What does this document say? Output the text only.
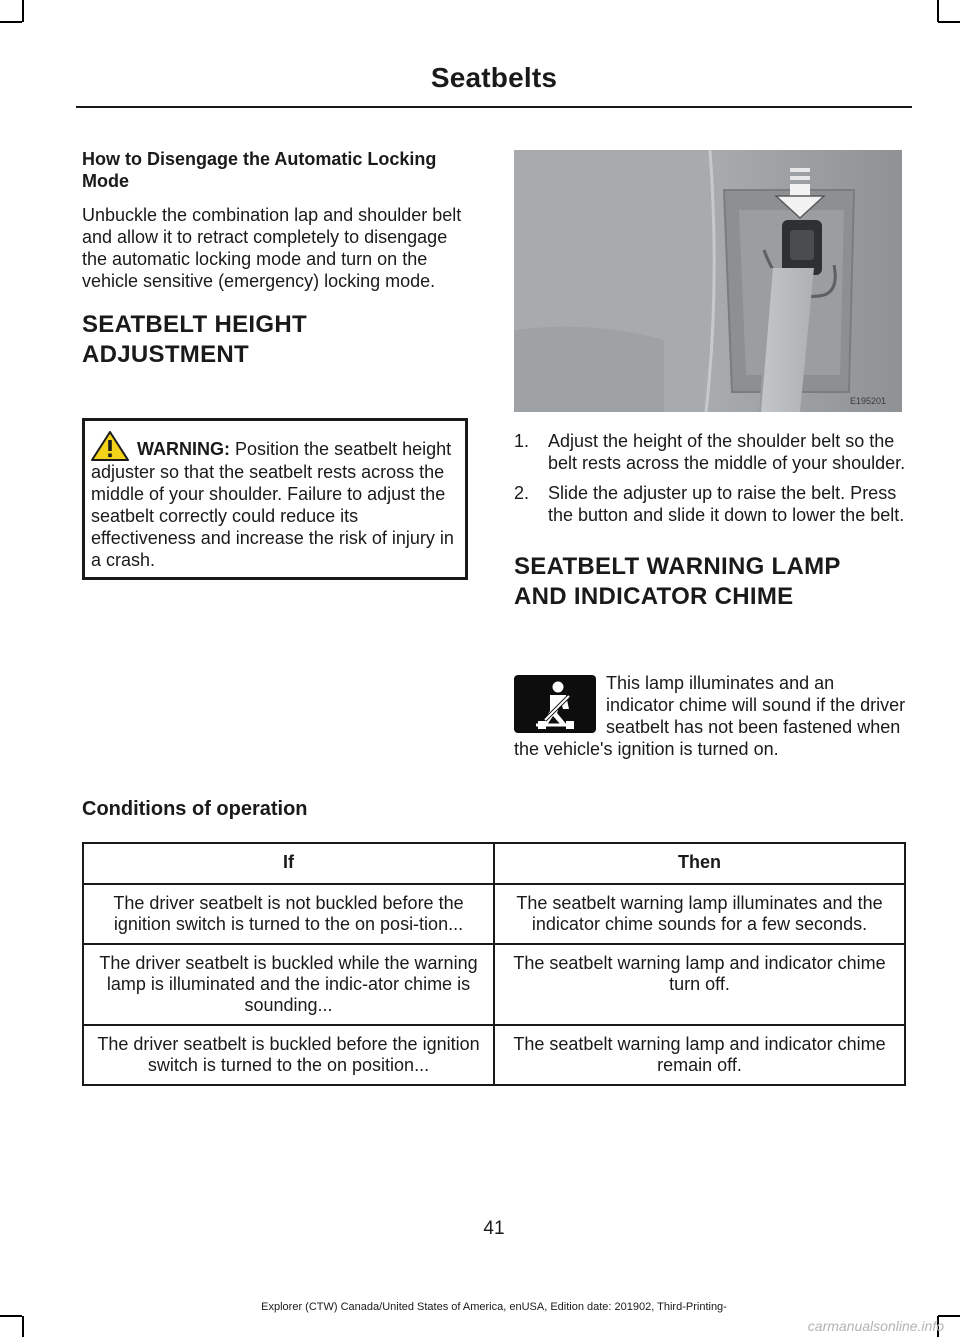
Seatbelts

How to Disengage the Automatic Locking Mode

Unbuckle the combination lap and shoulder belt and allow it to retract completely to disengage the automatic locking mode and turn on the vehicle sensitive (emergency) locking mode.

SEATBELT HEIGHT

ADJUSTMENT

WARNING: Position the seatbelt height adjuster so that the seatbelt rests across the middle of your shoulder. Failure to adjust the seatbelt correctly could reduce its effectiveness and increase the risk of injury in a crash.
E195201
1. Adjust the height of the shoulder belt so the belt rests across the middle of your shoulder.
2. Slide the adjuster up to raise the belt. Press the button and slide it down to lower the belt.

SEATBELT WARNING LAMP

AND INDICATOR CHIME

This lamp illuminates and an indicator chime will sound if the driver seatbelt has not been fastened when the vehicle's ignition is turned on.
Conditions of operation
If	Then
The driver seatbelt is not buckled before the ignition switch is turned to the on posi-tion...	The seatbelt warning lamp illuminates and the indicator chime sounds for a few seconds.
The driver seatbelt is buckled while the warning lamp is illuminated and the indic-ator chime is sounding...	The seatbelt warning lamp and indicator chime turn off.
The driver seatbelt is buckled before the ignition switch is turned to the on position...	The seatbelt warning lamp and indicator chime remain off.
41
Explorer (CTW) Canada/United States of America, enUSA, Edition date: 201902, Third-Printing-
carmanualsonline.info
